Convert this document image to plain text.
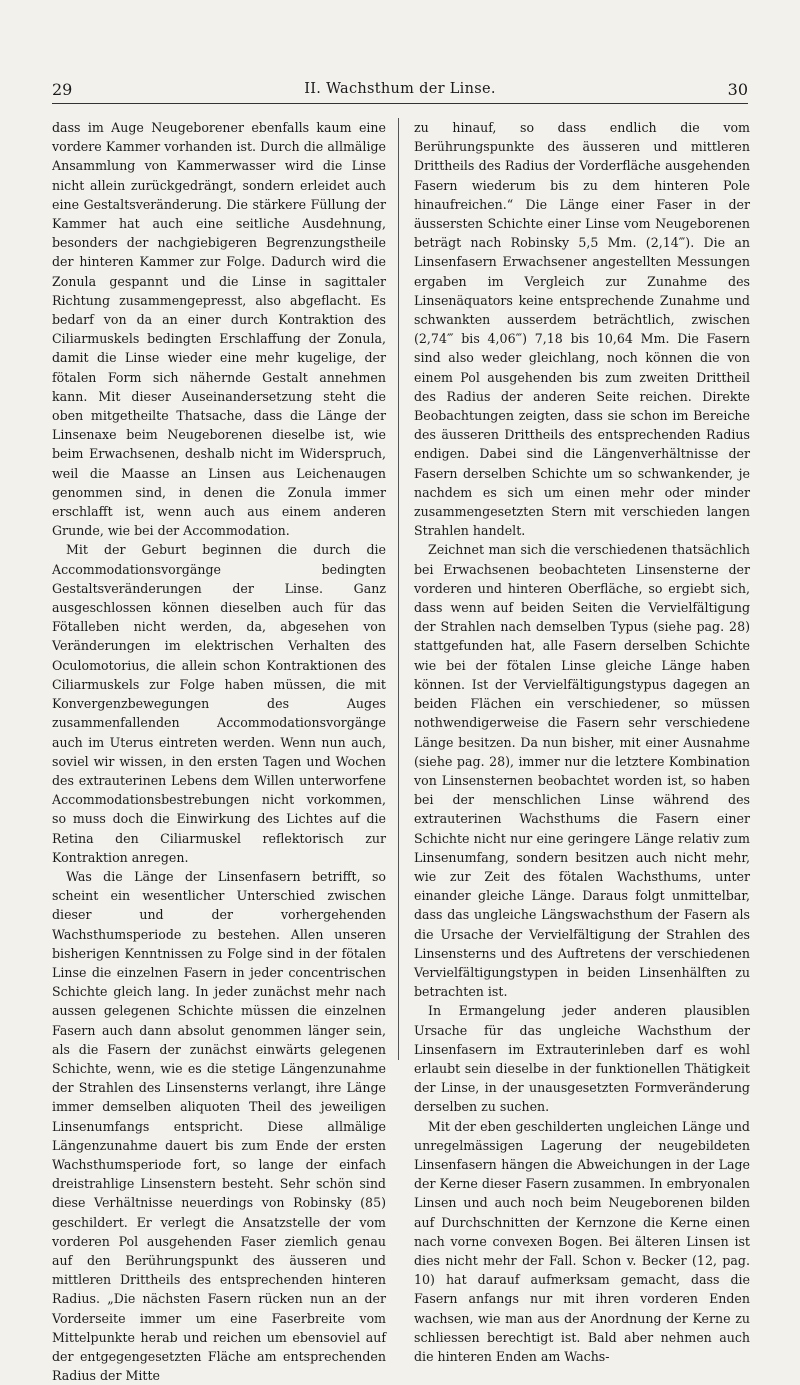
29	II. Wachsthum der Linse.	30

dass im Auge Neugeborener ebenfalls kaum eine vordere Kammer vorhanden ist. Durch die allmälige Ansammlung von Kammerwasser wird die Linse nicht allein zurückgedrängt, sondern erleidet auch eine Gestaltsveränderung. Die stärkere Füllung der Kammer hat auch eine seitliche Ausdehnung, besonders der nachgiebigeren Begrenzungstheile der hinteren Kammer zur Folge. Dadurch wird die Zonula gespannt und die Linse in sagittaler Richtung zusammengepresst, also abgeflacht. Es bedarf von da an einer durch Kontraktion des Ciliarmuskels bedingten Erschlaffung der Zonula, damit die Linse wieder eine mehr kugelige, der fötalen Form sich nähernde Gestalt annehmen kann. Mit dieser Auseinandersetzung steht die oben mitgetheilte Thatsache, dass die Länge der Linsenaxe beim Neugeborenen dieselbe ist, wie beim Erwachsenen, deshalb nicht im Widerspruch, weil die Maasse an Linsen aus Leichenaugen genommen sind, in denen die Zonula immer erschlafft ist, wenn auch aus einem anderen Grunde, wie bei der Accommodation.

Mit der Geburt beginnen die durch die Accommodationsvorgänge bedingten Gestaltsveränderungen der Linse. Ganz ausgeschlossen können dieselben auch für das Fötalleben nicht werden, da, abgesehen von Veränderungen im elektrischen Verhalten des Oculomotorius, die allein schon Kontraktionen des Ciliarmuskels zur Folge haben müssen, die mit Konvergenzbewegungen des Auges zusammenfallenden Accommodationsvorgänge auch im Uterus eintreten werden. Wenn nun auch, soviel wir wissen, in den ersten Tagen und Wochen des extrauterinen Lebens dem Willen unterworfene Accommodationsbestrebungen nicht vorkommen, so muss doch die Einwirkung des Lichtes auf die Retina den Ciliarmuskel reflektorisch zur Kontraktion anregen.

Was die Länge der Linsenfasern betrifft, so scheint ein wesentlicher Unterschied zwischen dieser und der vorhergehenden Wachsthumsperiode zu bestehen. Allen unseren bisherigen Kenntnissen zu Folge sind in der fötalen Linse die einzelnen Fasern in jeder concentrischen Schichte gleich lang. In jeder zunächst mehr nach aussen gelegenen Schichte müssen die einzelnen Fasern auch dann absolut genommen länger sein, als die Fasern der zunächst einwärts gelegenen Schichte, wenn, wie es die stetige Längenzunahme der Strahlen des Linsensterns verlangt, ihre Länge immer demselben aliquoten Theil des jeweiligen Linsenumfangs entspricht. Diese allmälige Längenzunahme dauert bis zum Ende der ersten Wachsthumsperiode fort, so lange der einfach dreistrahlige Linsenstern besteht. Sehr schön sind diese Verhältnisse neuerdings von Robinsky (85) geschildert. Er verlegt die Ansatzstelle der vom vorderen Pol ausgehenden Faser ziemlich genau auf den Berührungspunkt des äusseren und mittleren Drittheils des entsprechenden hinteren Radius. „Die nächsten Fasern rücken nun an der Vorderseite immer um eine Faserbreite vom Mittelpunkte herab und reichen um ebensoviel auf der entgegengesetzten Fläche am entsprechenden Radius der Mitte

zu hinauf, so dass endlich die vom Berührungspunkte des äusseren und mittleren Drittheils des Radius der Vorderfläche ausgehenden Fasern wiederum bis zu dem hinteren Pole hinaufreichen.“ Die Länge einer Faser in der äussersten Schichte einer Linse vom Neugeborenen beträgt nach Robinsky 5,5 Mm. (2,14‴). Die an Linsenfasern Erwachsener angestellten Messungen ergaben im Vergleich zur Zunahme des Linsenäquators keine entsprechende Zunahme und schwankten ausserdem beträchtlich, zwischen (2,74‴ bis 4,06‴) 7,18 bis 10,64 Mm. Die Fasern sind also weder gleichlang, noch können die von einem Pol ausgehenden bis zum zweiten Drittheil des Radius der anderen Seite reichen. Direkte Beobachtungen zeigten, dass sie schon im Bereiche des äusseren Drittheils des entsprechenden Radius endigen. Dabei sind die Längenverhältnisse der Fasern derselben Schichte um so schwankender, je nachdem es sich um einen mehr oder minder zusammengesetzten Stern mit verschieden langen Strahlen handelt.

Zeichnet man sich die verschiedenen thatsächlich bei Erwachsenen beobachteten Linsensterne der vorderen und hinteren Oberfläche, so ergiebt sich, dass wenn auf beiden Seiten die Vervielfältigung der Strahlen nach demselben Typus (siehe pag. 28) stattgefunden hat, alle Fasern derselben Schichte wie bei der fötalen Linse gleiche Länge haben können. Ist der Vervielfältigungstypus dagegen an beiden Flächen ein verschiedener, so müssen nothwendigerweise die Fasern sehr verschiedene Länge besitzen. Da nun bisher, mit einer Ausnahme (siehe pag. 28), immer nur die letztere Kombination von Linsensternen beobachtet worden ist, so haben bei der menschlichen Linse während des extrauterinen Wachsthums die Fasern einer Schichte nicht nur eine geringere Länge relativ zum Linsenumfang, sondern besitzen auch nicht mehr, wie zur Zeit des fötalen Wachsthums, unter einander gleiche Länge. Daraus folgt unmittelbar, dass das ungleiche Längswachsthum der Fasern als die Ursache der Vervielfältigung der Strahlen des Linsensterns und des Auftretens der verschiedenen Vervielfältigungstypen in beiden Linsenhälften zu betrachten ist.

In Ermangelung jeder anderen plausiblen Ursache für das ungleiche Wachsthum der Linsenfasern im Extrauterinleben darf es wohl erlaubt sein dieselbe in der funktionellen Thätigkeit der Linse, in der unausgesetzten Formveränderung derselben zu suchen.

Mit der eben geschilderten ungleichen Länge und unregelmässigen Lagerung der neugebildeten Linsenfasern hängen die Abweichungen in der Lage der Kerne dieser Fasern zusammen. In embryonalen Linsen und auch noch beim Neugeborenen bilden auf Durchschnitten der Kernzone die Kerne einen nach vorne convexen Bogen. Bei älteren Linsen ist dies nicht mehr der Fall. Schon v. Becker (12, pag. 10) hat darauf aufmerksam gemacht, dass die Fasern anfangs nur mit ihren vorderen Enden wachsen, wie man aus der Anordnung der Kerne zu schliessen berechtigt ist. Bald aber nehmen auch die hinteren Enden am Wachs-
